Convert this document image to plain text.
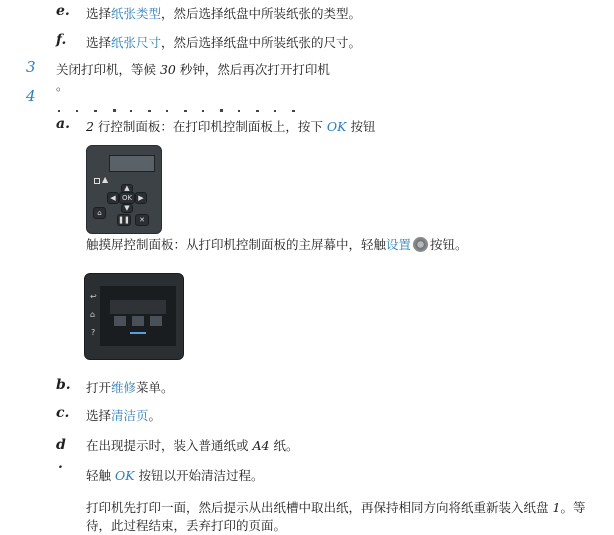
e. 选择纸张类型，然后选择纸盘中所装纸张的类型。
f. 选择纸张尺寸，然后选择纸盘中所装纸张的尺寸。
3 关闭打印机，等候 30 秒钟，然后再次打开打印机
。
4
a. 2 行控制面板：在打印机控制面板上，按下 OK 按钮
▲
◀ OK ▶
▲
▼
⌂
❚❚	✕
触摸屏控制面板：从打印机控制面板的主屏幕中，轻触设置 按钮。
↩
⌂
?
b. 打开维修菜单。
c. 选择清洁页。
d 在出现提示时，装入普通纸或 A4 纸。
.
轻触 OK 按钮以开始清洁过程。
打印机先打印一面，然后提示从出纸槽中取出纸，再保持相同方向将纸重新装入纸盘 1。等
待，此过程结束，丢弃打印的页面。
